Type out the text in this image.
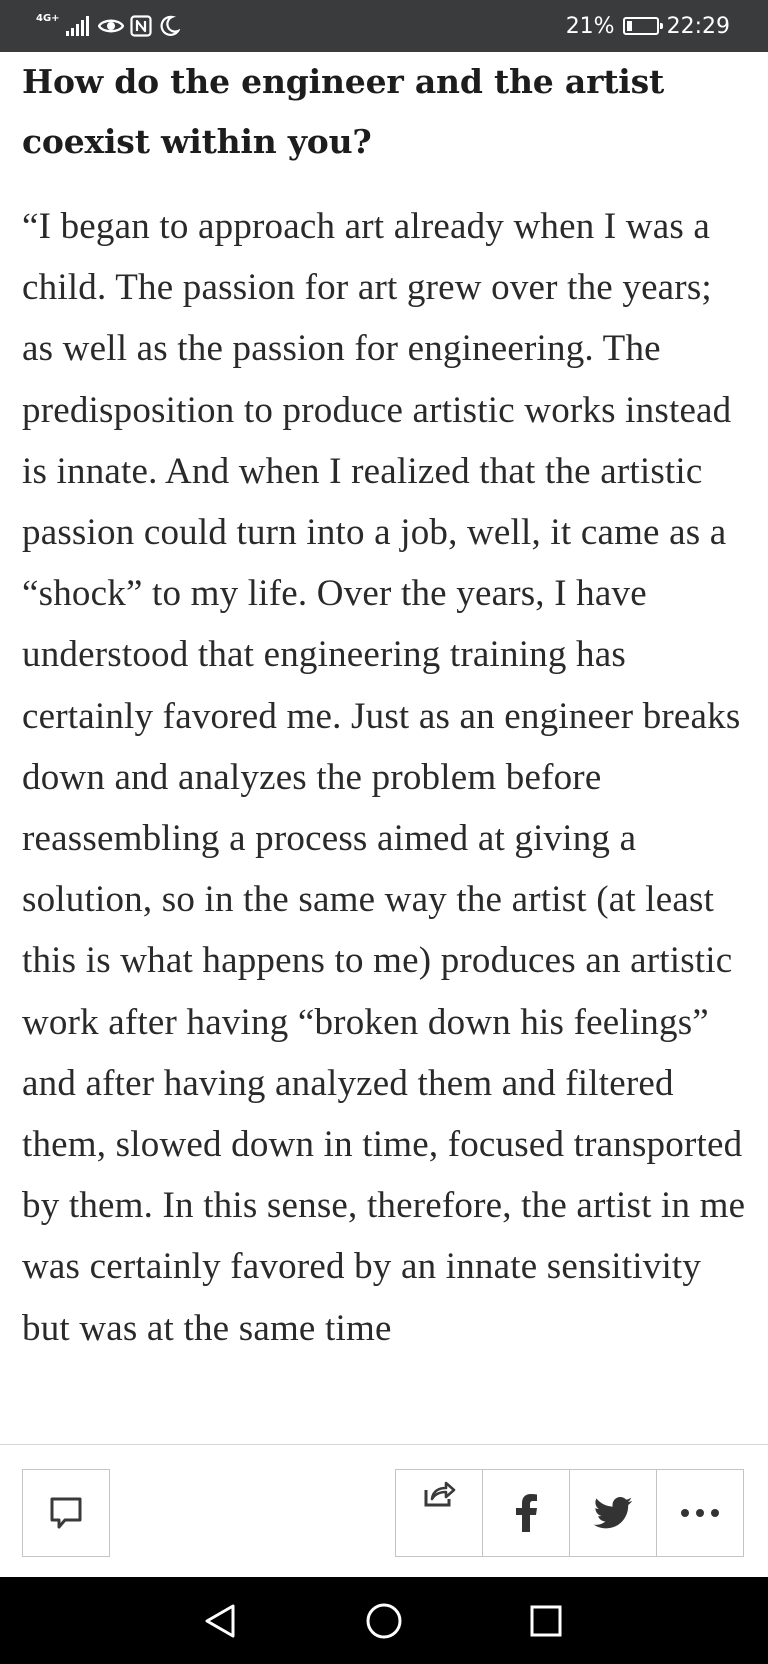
4G+	21% 22:29
How do the engineer and the artist coexist within you?

“I began to approach art already when I was a child. The passion for art grew over the years; as well as the passion for engineering. The predisposition to produce artistic works instead is innate. And when I realized that the artistic passion could turn into a job, well, it came as a “shock” to my life. Over the years, I have understood that engineering training has certainly favored me. Just as an engineer breaks down and analyzes the problem before reassembling a process aimed at giving a solution, so in the same way the artist (at least this is what happens to me) produces an artistic work after having “broken down his feelings” and after having analyzed them and filtered them, slowed down in time, focused transported by them. In this sense, therefore, the artist in me was certainly favored by an innate sensitivity but was at the same time
